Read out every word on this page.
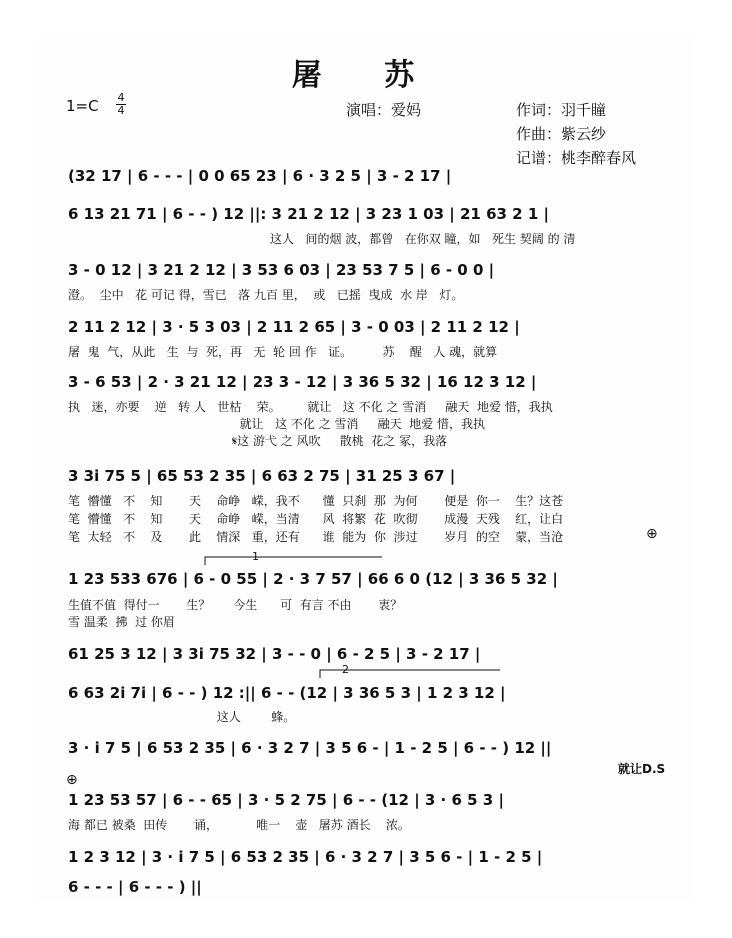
屠 苏
1=C 4
4	演唱：爱妈	作词：羽千瞳
作曲：紫云纱
记谱：桃李醉春风
(32 17 | 6 - - - | 0 0 65 23 | 6 · 3 2 5 | 3 - 2 17 |
6 13 21 71 | 6 - - ) 12 ||: 3 21 2 12 | 3 23 1 03 | 21 63 2 1 |
这人   间的烟 波，都曾   在你双 瞳，如   死生 契阔 的 清
3 - 0 12 | 3 21 2 12 | 3 53 6 03 | 23 53 7 5 | 6 - 0 0 |
澄。  尘中   花 可记 得，雪已   落 九百 里，  或   已摇  曳成  水 岸   灯。
2 11 2 12 | 3 · 5 3 03 | 2 11 2 65 | 3 - 0 03 | 2 11 2 12 |
屠  鬼  气，从此   生  与  死，再   无  轮 回 作   证。        苏    醒   人 魂，就算
3 - 6 53 | 2 · 3 21 12 | 23 3 - 12 | 3 36 5 32 | 16 12 3 12 |
执   迷，亦要    逆   转 人   世枯    荣。       就让   这 不化 之 雪消     融天  地爱 惜，我执
就让   这 不化 之 雪消     融天  地爱 惜，我执
𝄋这 游弋 之 风吹     散桃  花之 冢，我落
3 3i 75 5 | 65 53 2 35 | 6 63 2 75 | 31 25 3 67 |
笔  懵懂   不    知       天    命峥   嵘，我不      懂  只刹  那  为何       便是  你一    生？这苍
笔  懵懂   不    知       天    命峥   嵘，当清      风  将繁  花  吹彻       成漫  天残    红，让白
笔  太轻   不    及       此    情深   重，还有      谁  能为  你  涉过       岁月  的空    蒙，当沧	⊕
1
1 23 533 676 | 6 - 0 55 | 2 · 3 7 57 | 66 6 0 (12 | 3 36 5 32 |
生值不值  得付一       生？      今生      可  有言 不由       衷？
雪 温柔  拂  过 你眉
61 25 3 12 | 3 3i 75 32 | 3 - - 0 | 6 - 2 5 | 3 - 2 17 |
2
6 63 2i 7i | 6 - - ) 12 :|| 6 - - (12 | 3 36 5 3 | 1 2 3 12 |
这人        蜂。
3 · i 7 5 | 6 53 2 35 | 6 · 3 2 7 | 3 5 6 - | 1 - 2 5 | 6 - - ) 12 ||
就让D.S
⊕
1 23 53 57 | 6 - - 65 | 3 · 5 2 75 | 6 - - (12 | 3 · 6 5 3 |
海 都已 被桑  田传       诵，          唯一    壶   屠苏 酒长    浓。
1 2 3 12 | 3 · i 7 5 | 6 53 2 35 | 6 · 3 2 7 | 3 5 6 - | 1 - 2 5 |
6 - - - | 6 - - - ) ||
